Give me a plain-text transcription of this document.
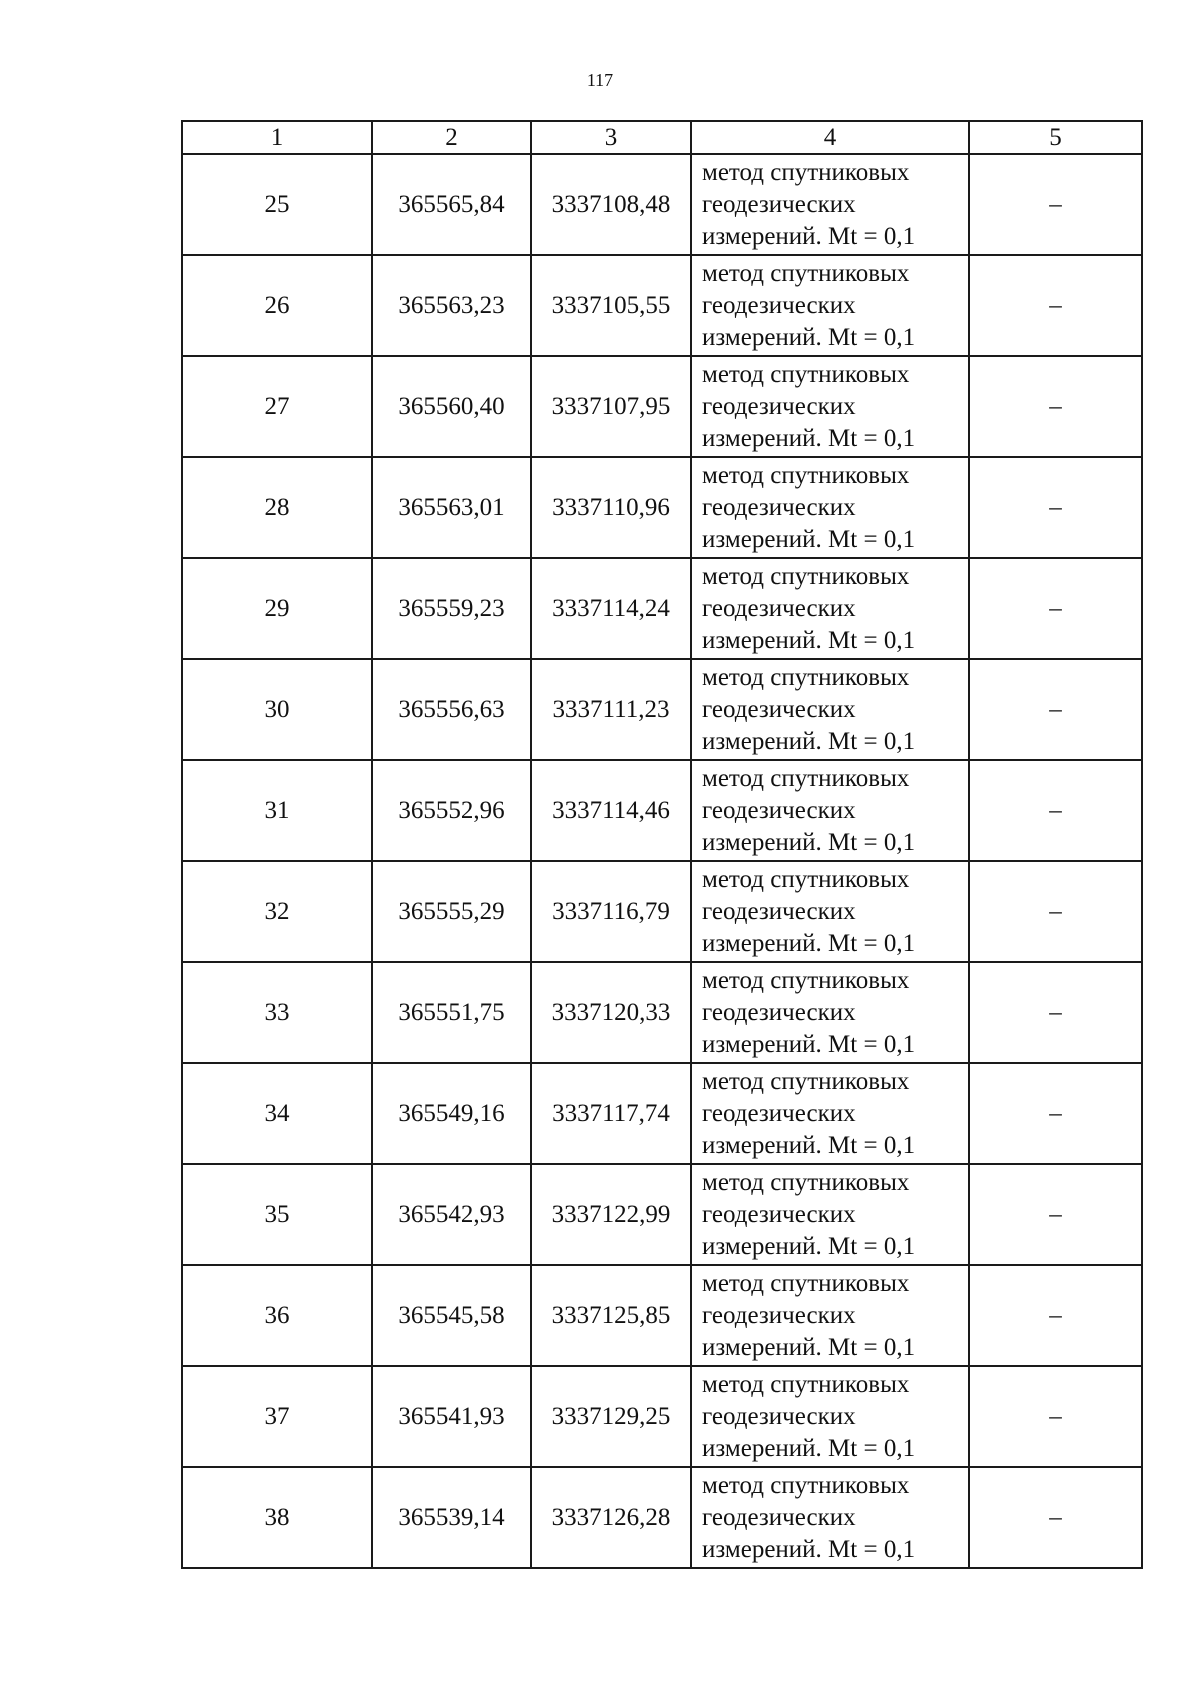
117
1	2	3	4	5
25	365565,84	3337108,48	метод спутниковых
геодезических
измерений. Mt = 0,1	–
26	365563,23	3337105,55	метод спутниковых
геодезических
измерений. Mt = 0,1	–
27	365560,40	3337107,95	метод спутниковых
геодезических
измерений. Mt = 0,1	–
28	365563,01	3337110,96	метод спутниковых
геодезических
измерений. Mt = 0,1	–
29	365559,23	3337114,24	метод спутниковых
геодезических
измерений. Mt = 0,1	–
30	365556,63	3337111,23	метод спутниковых
геодезических
измерений. Mt = 0,1	–
31	365552,96	3337114,46	метод спутниковых
геодезических
измерений. Mt = 0,1	–
32	365555,29	3337116,79	метод спутниковых
геодезических
измерений. Mt = 0,1	–
33	365551,75	3337120,33	метод спутниковых
геодезических
измерений. Mt = 0,1	–
34	365549,16	3337117,74	метод спутниковых
геодезических
измерений. Mt = 0,1	–
35	365542,93	3337122,99	метод спутниковых
геодезических
измерений. Mt = 0,1	–
36	365545,58	3337125,85	метод спутниковых
геодезических
измерений. Mt = 0,1	–
37	365541,93	3337129,25	метод спутниковых
геодезических
измерений. Mt = 0,1	–
38	365539,14	3337126,28	метод спутниковых
геодезических
измерений. Mt = 0,1	–
